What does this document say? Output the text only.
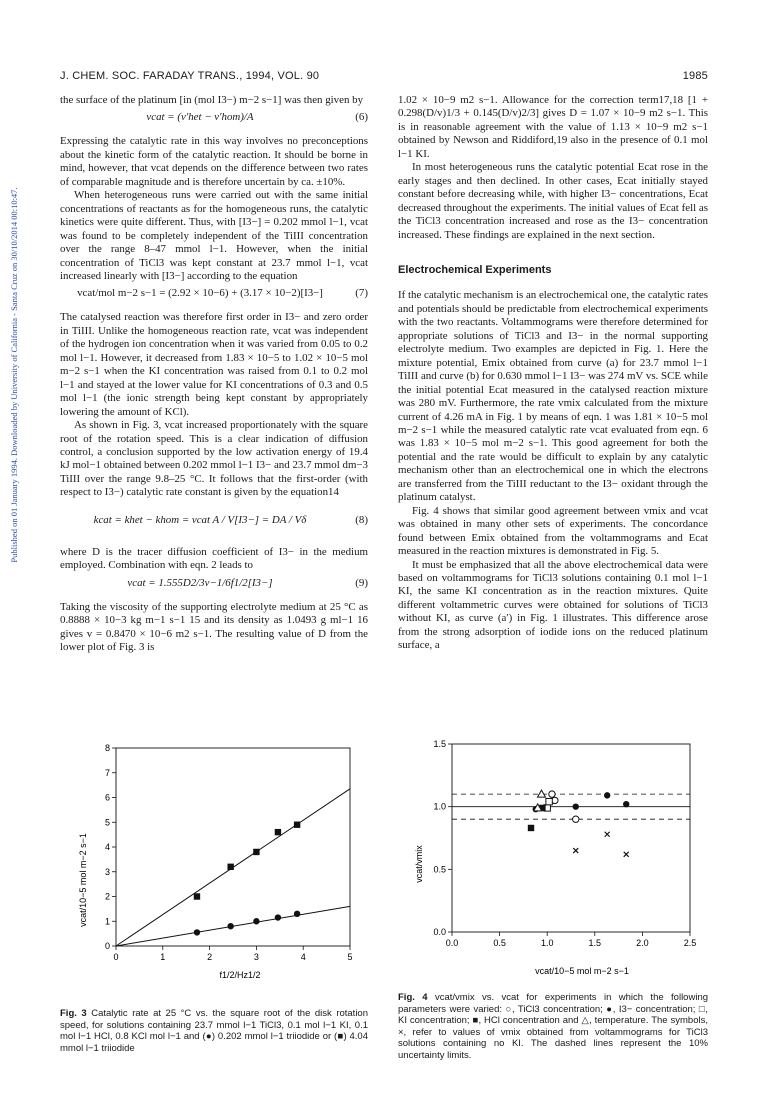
J. CHEM. SOC. FARADAY TRANS., 1994, VOL. 90	1985
Published on 01 January 1994. Downloaded by University of California - Santa Cruz on 30/10/2014 00:10:47.

the surface of the platinum [in (mol I3−) m−2 s−1] was then given by

vcat = (v′het − v′hom)/A	(6)

Expressing the catalytic rate in this way involves no preconceptions about the kinetic form of the catalytic reaction. It should be borne in mind, however, that vcat depends on the difference between two rates of comparable magnitude and is therefore uncertain by ca. ±10%.

When heterogeneous runs were carried out with the same initial concentrations of reactants as for the homogeneous runs, the catalytic kinetics were quite different. Thus, with [I3−] = 0.202 mmol l−1, vcat was found to be completely independent of the TiIII concentration over the range 8–47 mmol l−1. However, when the initial concentration of TiCl3 was kept constant at 23.7 mmol l−1, vcat increased linearly with [I3−] according to the equation

vcat/mol m−2 s−1 = (2.92 × 10−6) + (3.17 × 10−2)[I3−]	(7)

The catalysed reaction was therefore first order in I3− and zero order in TiIII. Unlike the homogeneous reaction rate, vcat was independent of the hydrogen ion concentration when it was varied from 0.05 to 0.2 mol l−1. However, it decreased from 1.83 × 10−5 to 1.02 × 10−5 mol m−2 s−1 when the KI concentration was raised from 0.1 to 0.2 mol l−1 and stayed at the lower value for KI concentrations of 0.3 and 0.5 mol l−1 (the ionic strength being kept constant by appropriately lowering the amount of KCl).

As shown in Fig. 3, vcat increased proportionately with the square root of the rotation speed. This is a clear indication of diffusion control, a conclusion supported by the low activation energy of 19.4 kJ mol−1 obtained between 0.202 mmol l−1 I3− and 23.7 mmol dm−3 TiIII over the range 9.8–25 °C. It follows that the first-order (with respect to I3−) catalytic rate constant is given by the equation14

kcat = khet − khom = vcat A / V[I3−] = DA / Vδ	(8)

where D is the tracer diffusion coefficient of I3− in the medium employed. Combination with eqn. 2 leads to

vcat = 1.555D2/3v−1/6f1/2[I3−]	(9)

Taking the viscosity of the supporting electrolyte medium at 25 °C as 0.8888 × 10−3 kg m−1 s−1 15 and its density as 1.0493 g ml−1 16 gives v = 0.8470 × 10−6 m2 s−1. The resulting value of D from the lower plot of Fig. 3 is

1.02 × 10−9 m2 s−1. Allowance for the correction term17,18 [1 + 0.298(D/v)1/3 + 0.145(D/v)2/3] gives D = 1.07 × 10−9 m2 s−1. This is in reasonable agreement with the value of 1.13 × 10−9 m2 s−1 obtained by Newson and Riddiford,19 also in the presence of 0.1 mol l−1 KI.

In most heterogeneous runs the catalytic potential Ecat rose in the early stages and then declined. In other cases, Ecat initially stayed constant before decreasing while, with higher I3− concentrations, Ecat decreased throughout the experiments. The initial values of Ecat fell as the TiCl3 concentration increased and rose as the I3− concentration increased. These findings are explained in the next section.

Electrochemical Experiments

If the catalytic mechanism is an electrochemical one, the catalytic rates and potentials should be predictable from electrochemical experiments with the two reactants. Voltammograms were therefore determined for appropriate solutions of TiCl3 and I3− in the normal supporting electrolyte medium. Two examples are depicted in Fig. 1. Here the mixture potential, Emix obtained from curve (a) for 23.7 mmol l−1 TiIII and curve (b) for 0.630 mmol l−1 I3− was 274 mV vs. SCE while the initial potential Ecat measured in the catalysed reaction mixture was 280 mV. Furthermore, the rate vmix calculated from the mixture current of 4.26 mA in Fig. 1 by means of eqn. 1 was 1.81 × 10−5 mol m−2 s−1 while the measured catalytic rate vcat evaluated from eqn. 6 was 1.83 × 10−5 mol m−2 s−1. This good agreement for both the potential and the rate would be difficult to explain by any catalytic mechanism other than an electrochemical one in which the electrons are transferred from the TiIII reductant to the I3− oxidant through the platinum catalyst.

Fig. 4 shows that similar good agreement between vmix and vcat was obtained in many other sets of experiments. The concordance found between Emix obtained from the voltammograms and Ecat measured in the reaction mixtures is demonstrated in Fig. 5.

It must be emphasized that all the above electrochemical data were based on voltammograms for TiCl3 solutions containing 0.1 mol l−1 KI, the same KI concentration as in the reaction mixtures. Quite different voltammetric curves were obtained for solutions of TiCl3 without KI, as curve (a′) in Fig. 1 illustrates. This difference arose from the strong adsorption of iodide ions on the reduced platinum surface, a

0	1	2	3	4	5
0
1
2
3
4
5
6
7
8
vcat/10−5 mol m−2 s−1
f1/2/Hz1/2
0.0	0.5	1.0	1.5	2.0	2.5
0.0
0.5
1.0
1.5
vcat/vmix
vcat/10−5 mol m−2 s−1
Fig. 3 Catalytic rate at 25 °C vs. the square root of the disk rotation speed, for solutions containing 23.7 mmol l−1 TiCl3, 0.1 mol l−1 KI, 0.1 mol l−1 HCl, 0.8 KCl mol l−1 and (●) 0.202 mmol l−1 triiodide or (■) 4.04 mmol l−1 triiodide
Fig. 4 vcat/vmix vs. vcat for experiments in which the following parameters were varied: ○, TiCl3 concentration; ●, I3− concentration; □, KI concentration; ■, HCl concentration and △, temperature. The symbols, ×, refer to values of vmix obtained from voltammograms for TiCl3 solutions containing no KI. The dashed lines represent the 10% uncertainty limits.
